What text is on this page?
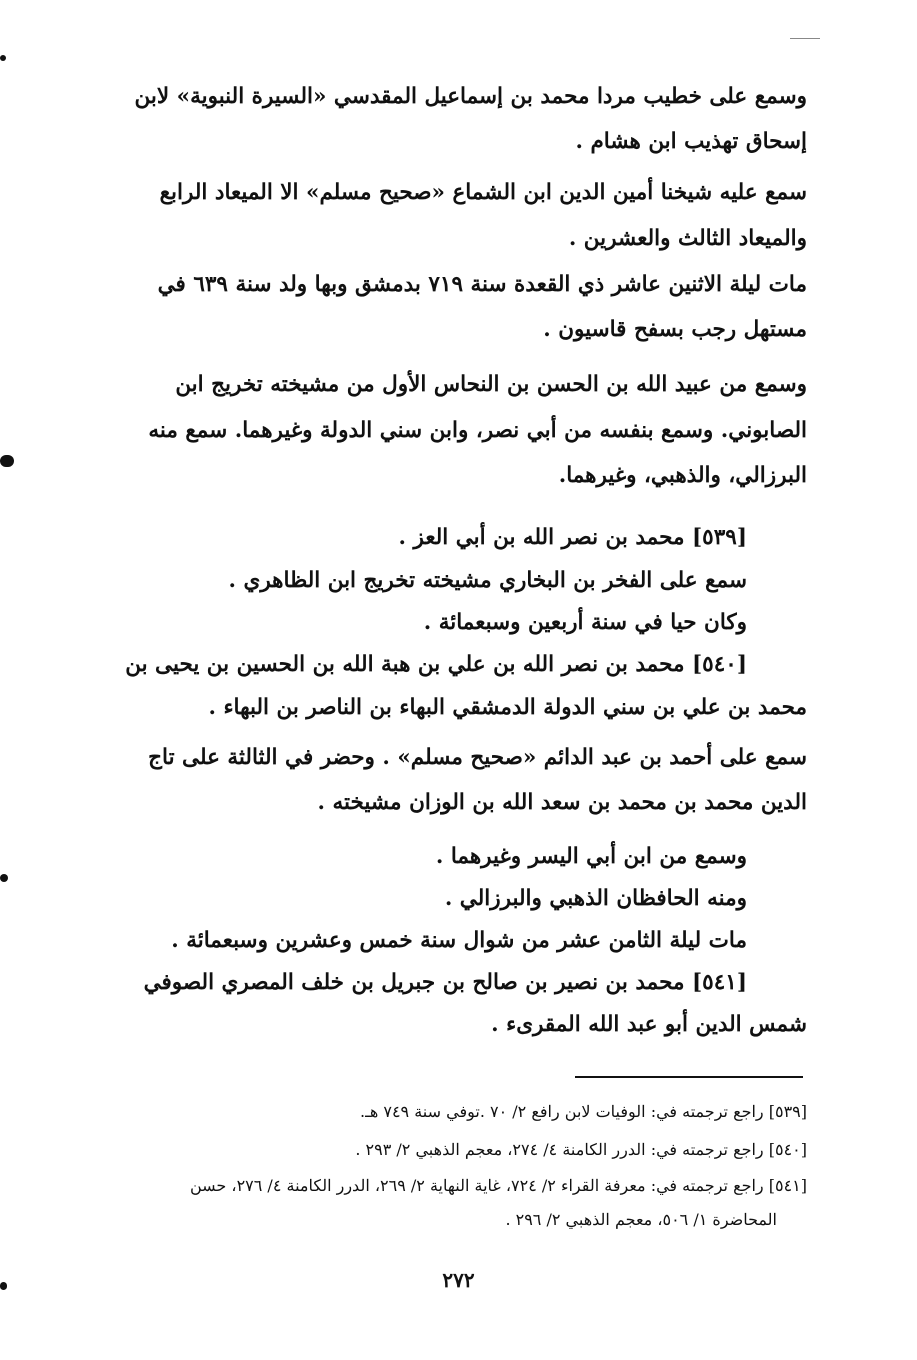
وسمع على خطيب مردا محمد بن إسماعيل المقدسي «السيرة النبوية» لابن
إسحاق تهذيب ابن هشام .
سمع عليه شيخنا أمين الدين ابن الشماع «صحيح مسلم» الا الميعاد الرابع
والميعاد الثالث والعشرين .
مات ليلة الاثنين عاشر ذي القعدة سنة ٧١٩ بدمشق وبها ولد سنة ٦٣٩ في
مستهل رجب بسفح قاسيون .
وسمع من عبيد الله بن الحسن بن النحاس الأول من مشيخته تخريج ابن
الصابوني. وسمع بنفسه من أبي نصر، وابن سني الدولة وغيرهما. سمع منه
البرزالي، والذهبي، وغيرهما.
[٥٣٩] محمد بن نصر الله بن أبي العز .
سمع على الفخر بن البخاري مشيخته تخريج ابن الظاهري .
وكان حيا في سنة أربعين وسبعمائة .
[٥٤٠] محمد بن نصر الله بن علي بن هبة الله بن الحسين بن يحيى بن
محمد بن علي بن سني الدولة الدمشقي البهاء بن الناصر بن البهاء .
سمع على أحمد بن عبد الدائم «صحيح مسلم» . وحضر في الثالثة على تاج
الدين محمد بن محمد بن سعد الله بن الوزان مشيخته .
وسمع من ابن أبي اليسر وغيرهما .
ومنه الحافظان الذهبي والبرزالي .
مات ليلة الثامن عشر من شوال سنة خمس وعشرين وسبعمائة .
[٥٤١] محمد بن نصير بن صالح بن جبريل بن خلف المصري الصوفي
شمس الدين أبو عبد الله المقرىء .
[٥٣٩] راجع ترجمته في: الوفيات لابن رافع ٢/ ٧٠ .توفي سنة ٧٤٩ هـ.
[٥٤٠] راجع ترجمته في: الدرر الكامنة ٤/ ٢٧٤، معجم الذهبي ٢/ ٢٩٣ .
[٥٤١] راجع ترجمته في: معرفة القراء ٢/ ٧٢٤، غاية النهاية ٢/ ٢٦٩، الدرر الكامنة ٤/ ٢٧٦، حسن
المحاضرة ١/ ٥٠٦، معجم الذهبي ٢/ ٢٩٦ .
٢٧٢
